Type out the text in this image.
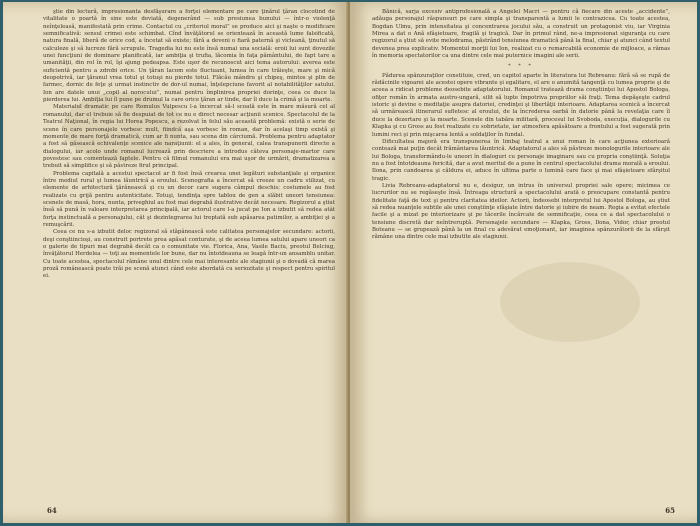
ştie din lectură, impresionanta desfăşurare a forţei elementare pe care ţinărul ţăran clocotind de vitalitate o poartă în sine este deviată, degenerând — sub presiunea bunului — într-o violenţă neînţeleasă, manifestată prin crime. Contactul cu „criteriul moral” se produce aici şi naşte o modificare semnificativă: sensul crimei este schimbat. Cînd învăţătorul se orientează în această lume falsificată, natura finală, liberă de orice cod, a încetat să existe; fără a deveni o fiară paternă şi vicleană, ţinutul să calculeze şi să lucreze fără scrupule. Tragedia lui nu este însă numai una socială: eroii lui sunt dovezile unei funcţiuni de dominare planificată, iar ambiţia şi trufia, lăcomia în faţa pământului, de fapt tare a umanităţii, din rol în rol, îşi ajung pedeapsa. Este uşor de recunoscut aici tema autorului: averea este suficientă pentru a zdrobi orice. Un ţăran lacom este fluctuant, lumea în care trăieşte, mare şi mică deopotrivă, iar ţăranul vrea totul şi totuşi nu pierde totul. Flăcău mândru şi chipeş, mintos şi plin de farmec, dornic de feţe şi urmat instinctiv de dor-ul numai, înţelepciune favorit al notabilităţilor satului. Ion are datele unui „copil al norocului”, numai pentru împlinirea propriei dorinţe, ceea ce duce la pierderea lui. Ambiţia lui îl pune pe drumul la care orice ţăran ar tinde, dar îl duce la crimă şi la moarte.

Materialul dramatic pe care Romulus Vulpescu l-a încercat să-l scoată este în mare măsură cel al romanului, dar el trebuie să fie despuiat de tot ce nu e direct necesar acţiunii scenice. Spectacolul de la Teatrul Naţional, în regia lui Horea Popescu, a rezolvat în felul său această problemă: există o serie de scene în care personajele vorbesc mult, fiindcă aşa vorbesc în roman, dar în acelaşi timp există şi momente de mare forţă dramatică, cum ar fi nunta, sau scena din cârciumă. Problema pentru adaptator a fost să găsească echivalenţe scenice ale naraţiunii: el a ales, în general, calea transpunerii directe a dialogului, iar acolo unde romanul lucrează prin descriere a introdus câteva personaje-martor care povestesc sau comentează faptele. Pentru că filmul romanului era mai uşor de urmărit, dramatizarea a trebuit să simplifice şi să păstreze firul principal.

Problema capitală a acestui spectacol ar fi fost însă crearea unei legături substanţiale şi organice între mediul rural şi lumea lăuntrică a eroului. Scenografia a încercat să creeze un cadru stilizat, cu elemente de arhitectură ţărănească şi cu un decor care sugera câmpul deschis; costumele au fost realizate cu grijă pentru autenticitate. Totuşi, tendinţa spre tablou de gen a slăbit uneori tensiunea: scenele de masă, hora, nunta, priveghiul au fost mai degrabă ilustrative decât necesare. Regizorul a ştiut însă să pună în valoare interpretarea principală, iar actorul care l-a jucat pe Ion a izbutit să redea atât forţa instinctuală a personajului, cât şi dezintegrarea lui treptată sub apăsarea patimilor, a ambiţiei şi a remuşcării.

Ceea ce nu s-a izbutit deloc regizoral să stăpânească este calitatea personajelor secundare: actorii, deşi conştiincioşi, au construit portrete prea apăsat conturate, şi de aceea lumea satului apare uneori ca o galerie de tipuri mai degrabă decât ca o comunitate vie. Florica, Ana, Vasile Baciu, preotul Belciug, învăţătorul Herdelea — toţi au momentele lor bune, dar nu întotdeauna se leagă într-un ansamblu unitar. Cu toate acestea, spectacolul rămâne unul dintre cele mai interesante ale stagiunii şi o dovadă că marea proză românească poate trăi pe scenă atunci când este abordată cu seriozitate şi respect pentru spiritul ei.

64

Bănică, sarja excesiv antiprofesională a Angelei Macri — pentru că fiecare din aceste „accidente”, adăuga personajul răspunsuri pe care simpla şi transparentă a lumii le contrazicea. Cu toate acestea, Bogdan Ulmu, prin intensitatea şi concentrarea jocului său, a construit un protagonist viu, iar Virginia Mirea a dat o Ană sfâşietoare, fragilă şi tragică. Dar în primul rând, ne-a impresionat siguranţa cu care regizorul a ştiut să evite melodrama, păstrând tensiunea dramatică până la final, chiar şi atunci când textul devenea prea explicativ. Momentul morţii lui Ion, realizat cu o remarcabilă economie de mijloace, a rămas în memoria spectatorilor ca una dintre cele mai puternice imagini ale serii.

* * *

Pădurea spânzuraţilor constituie, cred, un capitol aparte în literatura lui Rebreanu: fără să se rupă de rădăcinile vigoarei ale acestei opere vibrante şi egalitare, el are o anumită tangenţă cu lumea proprie şi de aceea a ridicat probleme deosebite adaptatorului. Romanul tratează drama conştiinţei lui Apostol Bologa, ofiţer român în armata austro-ungară, silit să lupte împotriva propriilor săi fraţi. Tema depăşeşte cadrul istoric şi devine o meditaţie asupra datoriei, credinţei şi libertăţii interioare. Adaptarea scenică a încercat să urmărească itinerarul sufletesc al eroului, de la încrederea oarbă în datorie până la revelaţia care îl duce la dezertare şi la moarte. Scenele din tabăra militară, procesul lui Svoboda, execuţia, dialogurile cu Klapka şi cu Gross au fost realizate cu sobrietate, iar atmosfera apăsătoare a frontului a fost sugerată prin lumini reci şi prin mişcarea lentă a soldaţilor în fundal.

Dificultatea majoră era transpunerea în limbaj teatral a unui roman în care acţiunea exterioară contează mai puţin decât frământarea lăuntrică. Adaptatorul a ales să păstreze monologurile interioare ale lui Bologa, transformându-le uneori în dialoguri cu personaje imaginare sau cu propria conştiinţă. Soluţia nu a fost întotdeauna fericită, dar a avut meritul de a pune în centrul spectacolului drama morală a eroului. Ilona, prin candoarea şi căldura ei, aduce în ultima parte o lumină care face şi mai sfâşietoare sfârşitul tragic.

Livia Rebreanu-adaptatorul nu e, desigur, un intrus în universul propriei sale opere; micimea ce lucrurilor nu se regăseşte însă. Întreaga structură a spectacolului arată o preocupare constantă pentru fidelitate faţă de text şi pentru claritatea ideilor. Actorii, îndeosebi interpretul lui Apostol Bologa, au ştiut să redea nuanţele subtile ale unei conştiinţe sfâşiate între datorie şi iubire de neam. Regia a evitat efectele facile şi a mizat pe interiorizare şi pe tăcerile încărcate de semnificaţie, ceea ce a dat spectacolului o tensiune discretă dar neîntreruptă. Personajele secundare — Klapka, Gross, Ilona, Vidor, chiar preotul Boteanu — se grupează până la un final cu adevărat emoţionant, iar imaginea spânzurătorii de la sfârşit rămâne una dintre cele mai izbutite ale stagiunii.

65
